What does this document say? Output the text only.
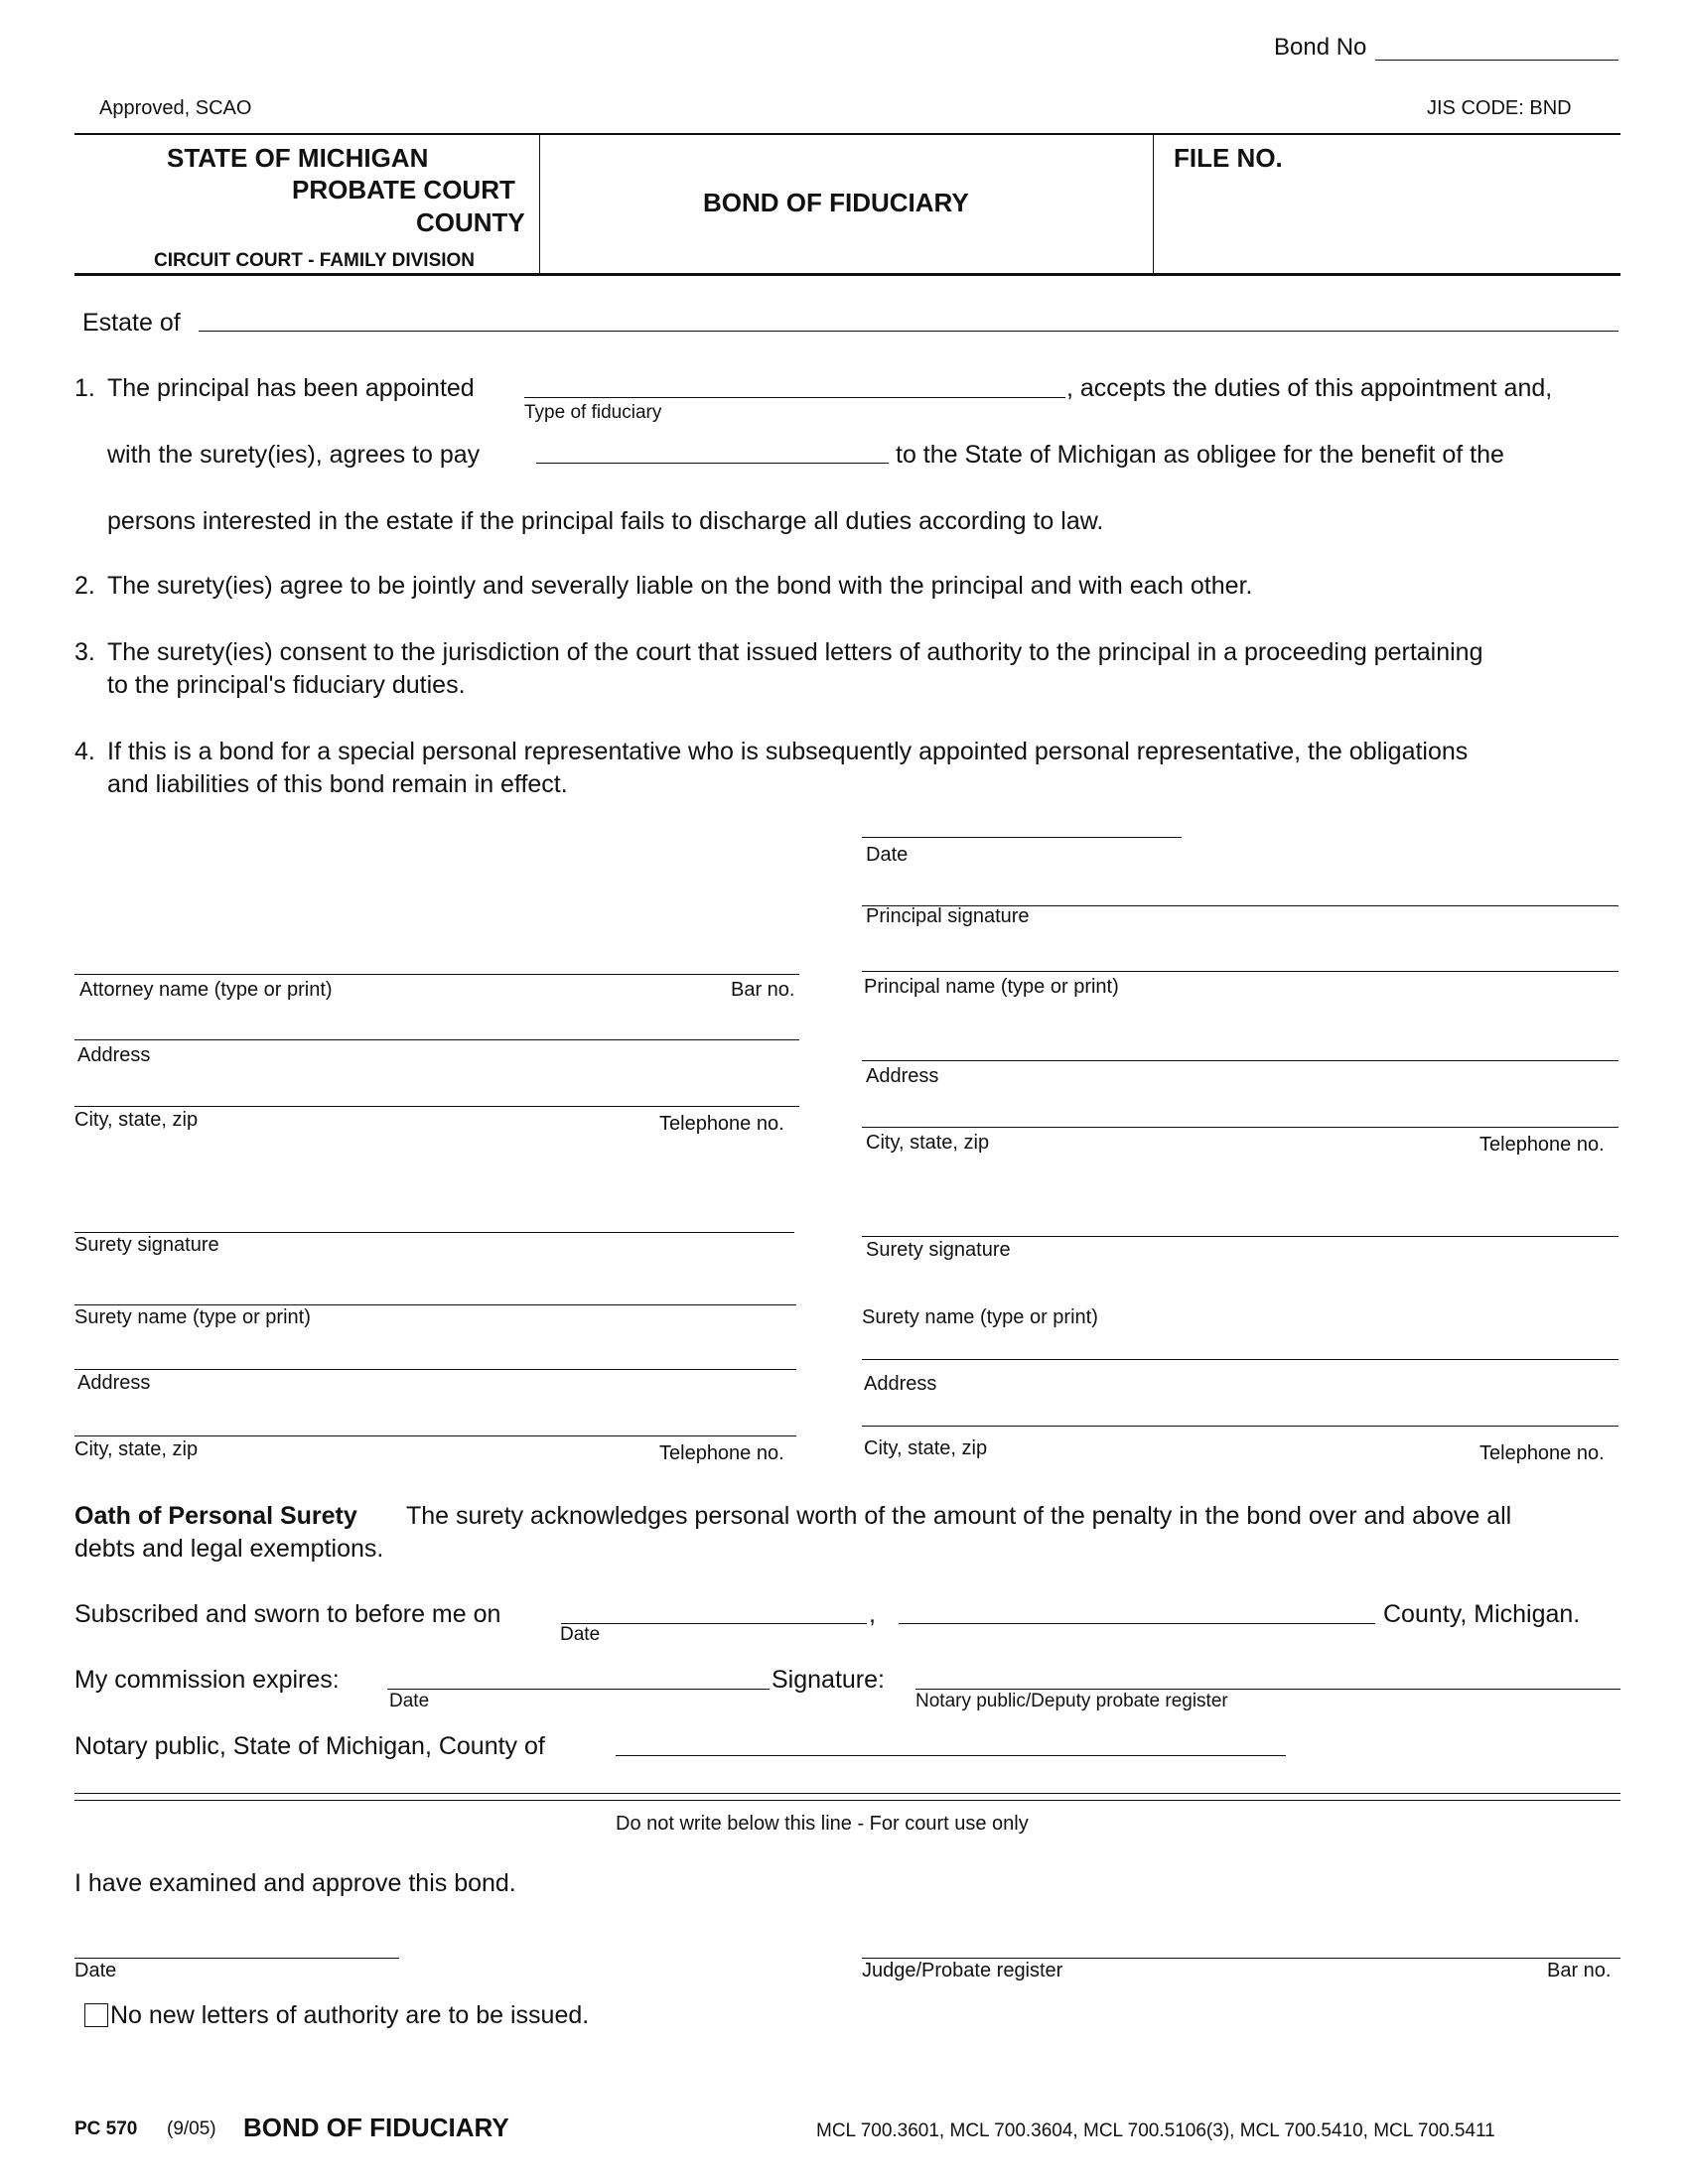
Bond No
Approved, SCAO	JIS CODE: BND
STATE OF MICHIGAN
PROBATE COURT
COUNTY
CIRCUIT COURT - FAMILY DIVISION
BOND OF FIDUCIARY
FILE NO.
Estate of
1. The principal has been appointed
Type of fiduciary
, accepts the duties of this appointment and,
with the surety(ies), agrees to pay	to the State of Michigan as obligee for the benefit of the
persons interested in the estate if the principal fails to discharge all duties according to law.
2. The surety(ies) agree to be jointly and severally liable on the bond with the principal and with each other.
3. The surety(ies) consent to the jurisdiction of the court that issued letters of authority to the principal in a proceeding pertaining
to the principal's fiduciary duties.
4. If this is a bond for a special personal representative who is subsequently appointed personal representative, the obligations
and liabilities of this bond remain in effect.
Date
Principal signature
Principal name (type or print)
Address
City, state, zip	Telephone no.
Attorney name (type or print)	Bar no.
Address
City, state, zip	Telephone no.
Surety signature
Surety name (type or print)
Address
City, state, zip	Telephone no.
Surety signature
Surety name (type or print)
Address
City, state, zip	Telephone no.
Oath of Personal Surety The surety acknowledges personal worth of the amount of the penalty in the bond over and above all
debts and legal exemptions.
Subscribed and sworn to before me on
Date
,	County, Michigan.
My commission expires:
Date
Signature:
Notary public/Deputy probate register
Notary public, State of Michigan, County of
Do not write below this line - For court use only
I have examined and approve this bond.
Date	Judge/Probate register	Bar no.
No new letters of authority are to be issued.
PC 570 (9/05) BOND OF FIDUCIARY	MCL 700.3601, MCL 700.3604, MCL 700.5106(3), MCL 700.5410, MCL 700.5411
